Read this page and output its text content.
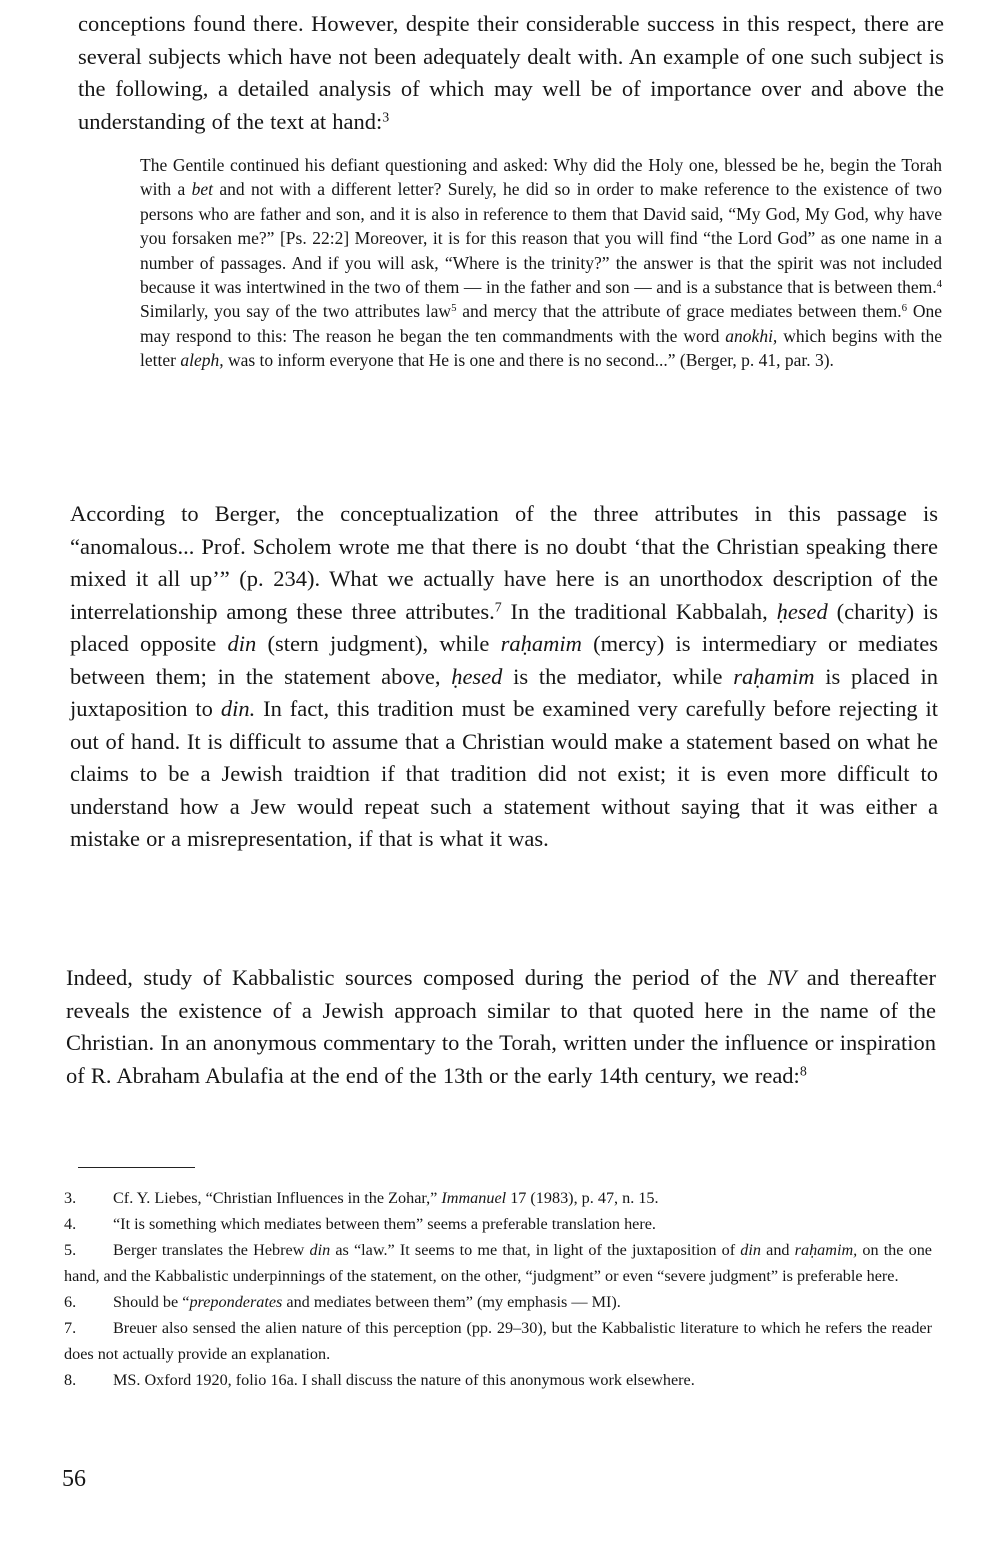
conceptions found there. However, despite their considerable success in this respect, there are several subjects which have not been adequately dealt with. An example of one such subject is the following, a detailed analysis of which may well be of importance over and above the understanding of the text at hand:$^3$

The Gentile continued his defiant questioning and asked: Why did the Holy one, blessed be he, begin the Torah with a bet and not with a different letter? Surely, he did so in order to make reference to the existence of two persons who are father and son, and it is also in reference to them that David said, “My God, My God, why have you forsaken me?” [Ps. 22:2] Moreover, it is for this reason that you will find “the Lord God” as one name in a number of passages. And if you will ask, “Where is the trinity?” the answer is that the spirit was not included because it was intertwined in the two of them — in the father and son — and is a substance that is between them.$^4$ Similarly, you say of the two attributes law$^5$ and mercy that the attribute of grace mediates between them.$^6$ One may respond to this: The reason he began the ten commandments with the word anokhi, which begins with the letter aleph, was to inform everyone that He is one and there is no second...” (Berger, p. 41, par. 3).

According to Berger, the conceptualization of the three attributes in this passage is “anomalous... Prof. Scholem wrote me that there is no doubt ‘that the Christian speaking there mixed it all up’” (p. 234). What we actually have here is an unorthodox description of the interrelationship among these three attributes.$^7$ In the traditional Kabbalah, ḥesed (charity) is placed opposite din (stern judgment), while raḥamim (mercy) is intermediary or mediates between them; in the statement above, ḥesed is the mediator, while raḥamim is placed in juxtaposition to din. In fact, this tradition must be examined very carefully before rejecting it out of hand. It is difficult to assume that a Christian would make a statement based on what he claims to be a Jewish traidtion if that tradition did not exist; it is even more difficult to understand how a Jew would repeat such a statement without saying that it was either a mistake or a misrepresentation, if that is what it was.

Indeed, study of Kabbalistic sources composed during the period of the NV and thereafter reveals the existence of a Jewish approach similar to that quoted here in the name of the Christian. In an anonymous commentary to the Torah, written under the influence or inspiration of R. Abraham Abulafia at the end of the 13th or the early 14th century, we read:$^8$

3. Cf. Y. Liebes, “Christian Influences in the Zohar,” Immanuel 17 (1983), p. 47, n. 15.

4. “It is something which mediates between them” seems a preferable translation here.

5. Berger translates the Hebrew din as “law.” It seems to me that, in light of the juxtaposition of din and raḥamim, on the one hand, and the Kabbalistic underpinnings of the statement, on the other, “judgment” or even “severe judgment” is preferable here.

6. Should be “preponderates and mediates between them” (my emphasis — MI).

7. Breuer also sensed the alien nature of this perception (pp. 29–30), but the Kabbalistic literature to which he refers the reader does not actually provide an explanation.

8. MS. Oxford 1920, folio 16a. I shall discuss the nature of this anonymous work elsewhere.

56
